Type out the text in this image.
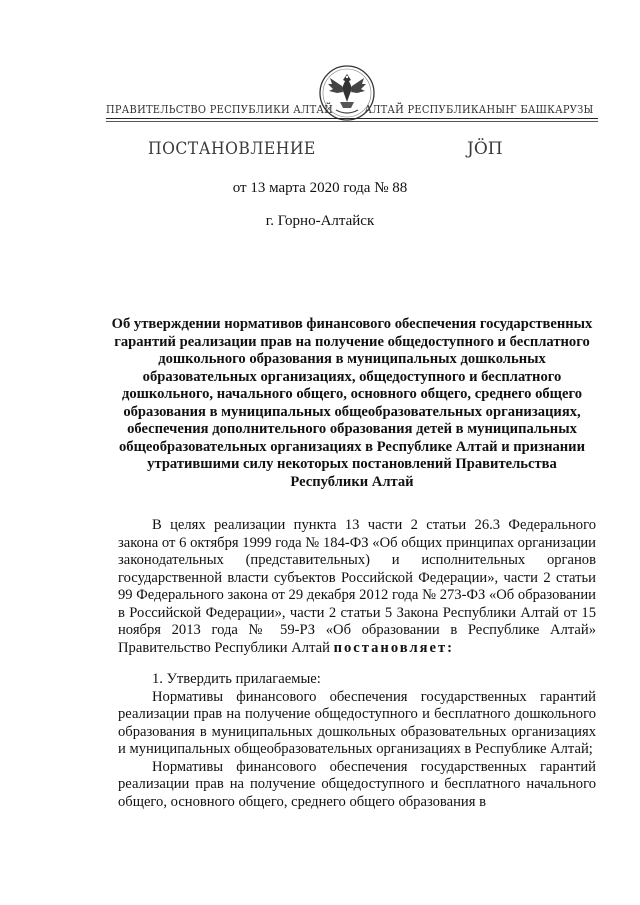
ПРАВИТЕЛЬСТВО РЕСПУБЛИКИ АЛТАЙ	АЛТАЙ РЕСПУБЛИКАНЫҤ БАШКАРУЗЫ
ПОСТАНОВЛЕНИЕ	ЈӦП
от 13 марта 2020 года № 88
г. Горно-Алтайск
Об утверждении нормативов финансового обеспечения государственных гарантий реализации прав на получение общедоступного и бесплатного дошкольного образования в муниципальных дошкольных образовательных организациях, общедоступного и бесплатного дошкольного, начального общего, основного общего, среднего общего образования в муниципальных общеобразовательных организациях, обеспечения дополнительного образования детей в муниципальных общеобразовательных организациях в Республике Алтай и признании утратившими силу некоторых постановлений Правительства Республики Алтай

В целях реализации пункта 13 части 2 статьи 26.3 Федерального закона от 6 октября 1999 года № 184-ФЗ «Об общих принципах организации законодательных (представительных) и исполнительных органов государственной власти субъектов Российской Федерации», части 2 статьи 99 Федерального закона от 29 декабря 2012 года № 273-ФЗ «Об образовании в Российской Федерации», части 2 статьи 5 Закона Республики Алтай от 15 ноября 2013 года № 59-РЗ «Об образовании в Республике Алтай» Правительство Республики Алтай постановляет:

1. Утвердить прилагаемые:

Нормативы финансового обеспечения государственных гарантий реализации прав на получение общедоступного и бесплатного дошкольного образования в муниципальных дошкольных образовательных организациях и муниципальных общеобразовательных организациях в Республике Алтай;

Нормативы финансового обеспечения государственных гарантий реализации прав на получение общедоступного и бесплатного начального общего, основного общего, среднего общего образования в
